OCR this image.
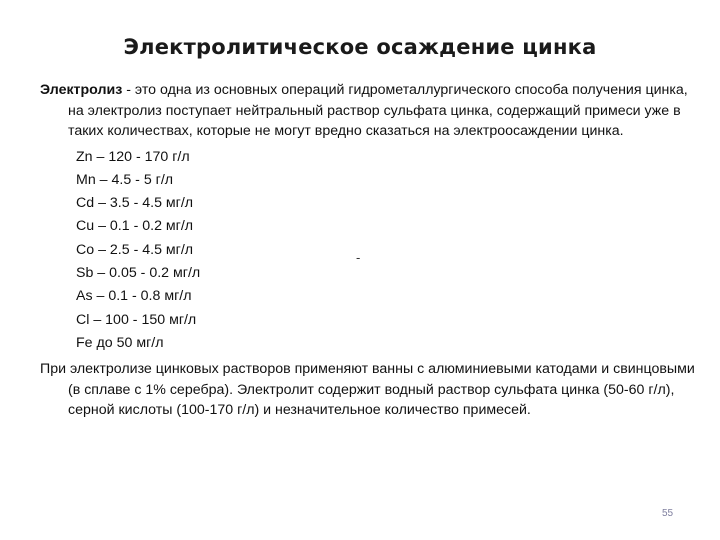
Электролитическое осаждение цинка

Электролиз - это одна из основных операций гидрометаллургического способа получения цинка, на электролиз поступает нейтральный раствор сульфата цинка, содержащий примеси уже в таких количествах, которые не могут вредно сказаться на электроосаждении цинка.

Zn – 120 - 170 г/л
Mn – 4.5 - 5 г/л
Cd – 3.5 - 4.5 мг/л
Cu – 0.1 - 0.2 мг/л
Co – 2.5 - 4.5 мг/л
Sb – 0.05 - 0.2 мг/л
As – 0.1 - 0.8 мг/л
Cl – 100 - 150 мг/л
Fe до 50 мг/л

При электролизе цинковых растворов применяют ванны с алюминиевыми катодами и свинцовыми (в сплаве с 1% серебра). Электролит содержит водный раствор сульфата цинка (50-60 г/л), серной кислоты (100-170 г/л) и незначительное количество примесей.

-
55
